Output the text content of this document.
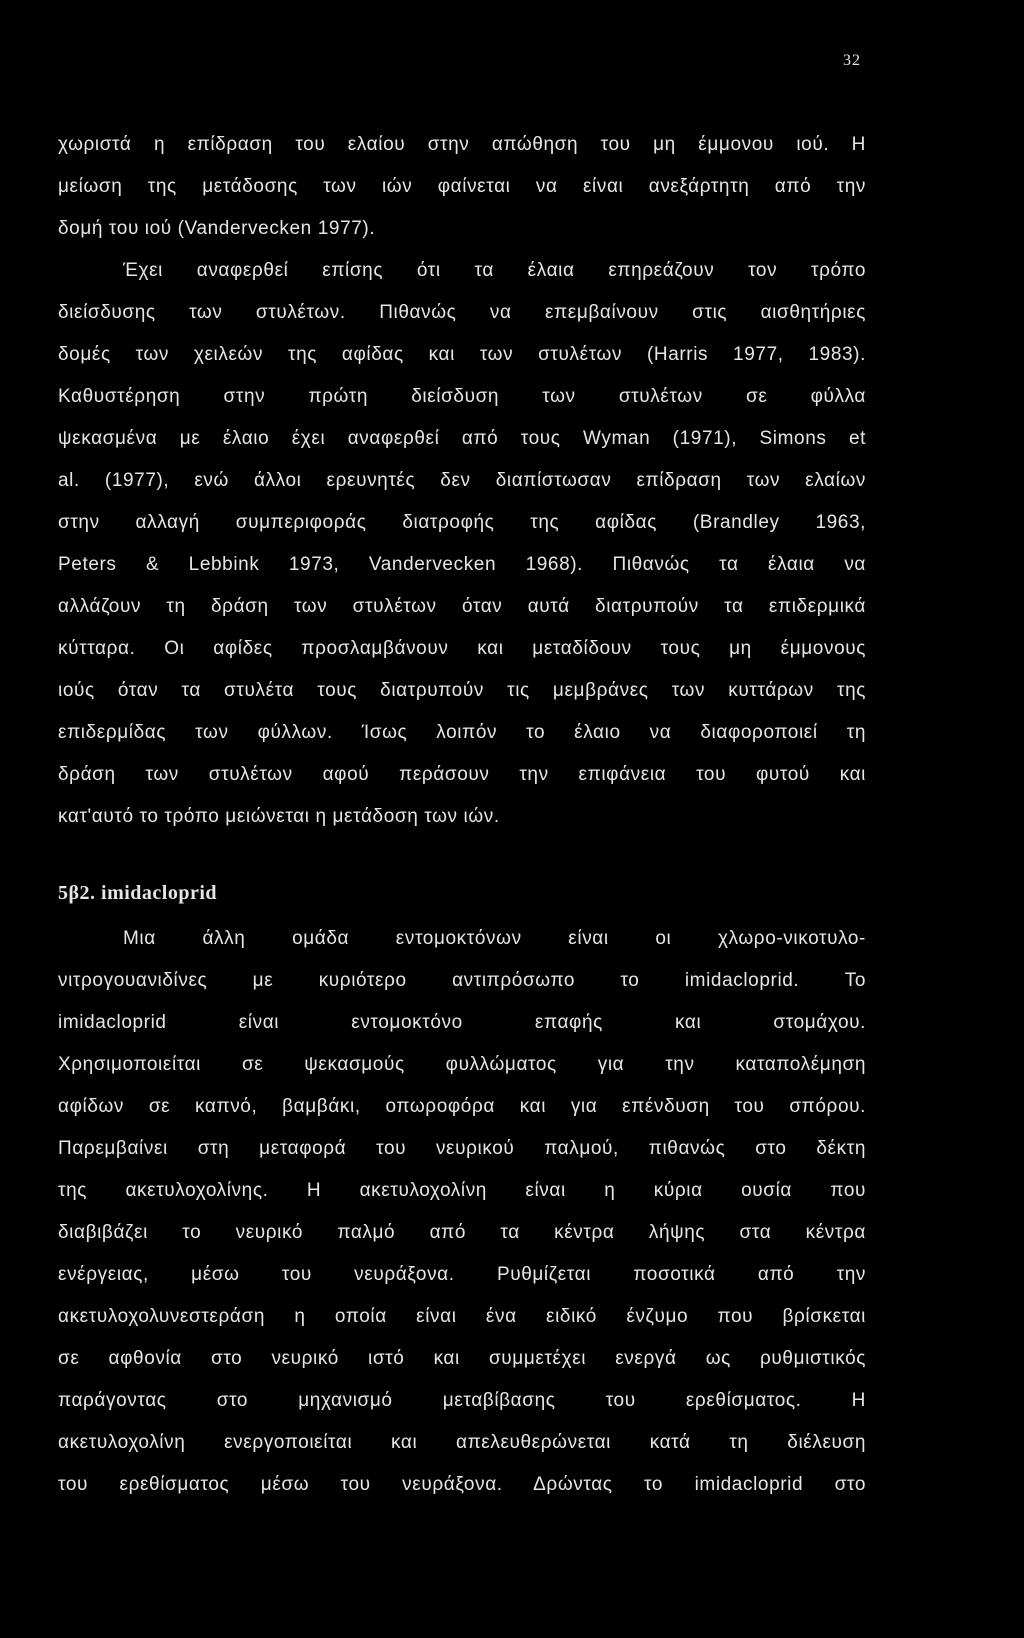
32
χωριστά η επίδραση του ελαίου στην απώθηση του μη έμμονου ιού. Η
μείωση της μετάδοσης των ιών φαίνεται να είναι ανεξάρτητη από την
δομή του ιού (Vandervecken 1977).
Έχει αναφερθεί επίσης ότι τα έλαια επηρεάζουν τον τρόπο
διείσδυσης των στυλέτων. Πιθανώς να επεμβαίνουν στις αισθητήριες
δομές των χειλεών της αφίδας και των στυλέτων (Harris 1977, 1983).
Καθυστέρηση στην πρώτη διείσδυση των στυλέτων σε φύλλα
ψεκασμένα με έλαιο έχει αναφερθεί από τους Wyman (1971), Simons et
al. (1977), ενώ άλλοι ερευνητές δεν διαπίστωσαν επίδραση των ελαίων
στην αλλαγή συμπεριφοράς διατροφής της αφίδας (Brandley 1963,
Peters & Lebbink 1973, Vandervecken 1968). Πιθανώς τα έλαια να
αλλάζουν τη δράση των στυλέτων όταν αυτά διατρυπούν τα επιδερμικά
κύτταρα. Οι αφίδες προσλαμβάνουν και μεταδίδουν τους μη έμμονους
ιούς όταν τα στυλέτα τους διατρυπούν τις μεμβράνες των κυττάρων της
επιδερμίδας των φύλλων. Ίσως λοιπόν το έλαιο να διαφοροποιεί τη
δράση των στυλέτων αφού περάσουν την επιφάνεια του φυτού και
κατ'αυτό το τρόπο μειώνεται η μετάδοση των ιών.
5β2. imidacloprid
Μια άλλη ομάδα εντομοκτόνων είναι οι χλωρο-νικοτυλο-
νιτρογουανιδίνες με κυριότερο αντιπρόσωπο το imidacloprid. Το
imidacloprid είναι εντομοκτόνο επαφής και στομάχου.
Χρησιμοποιείται σε ψεκασμούς φυλλώματος για την καταπολέμηση
αφίδων σε καπνό, βαμβάκι, οπωροφόρα και για επένδυση του σπόρου.
Παρεμβαίνει στη μεταφορά του νευρικού παλμού, πιθανώς στο δέκτη
της ακετυλοχολίνης. Η ακετυλοχολίνη είναι η κύρια ουσία που
διαβιβάζει το νευρικό παλμό από τα κέντρα λήψης στα κέντρα
ενέργειας, μέσω του νευράξονα. Ρυθμίζεται ποσοτικά από την
ακετυλοχολυνεστεράση η οποία είναι ένα ειδικό ένζυμο που βρίσκεται
σε αφθονία στο νευρικό ιστό και συμμετέχει ενεργά ως ρυθμιστικός
παράγοντας στο μηχανισμό μεταβίβασης του ερεθίσματος. Η
ακετυλοχολίνη ενεργοποιείται και απελευθερώνεται κατά τη διέλευση
του ερεθίσματος μέσω του νευράξονα. Δρώντας το imidacloprid στο
